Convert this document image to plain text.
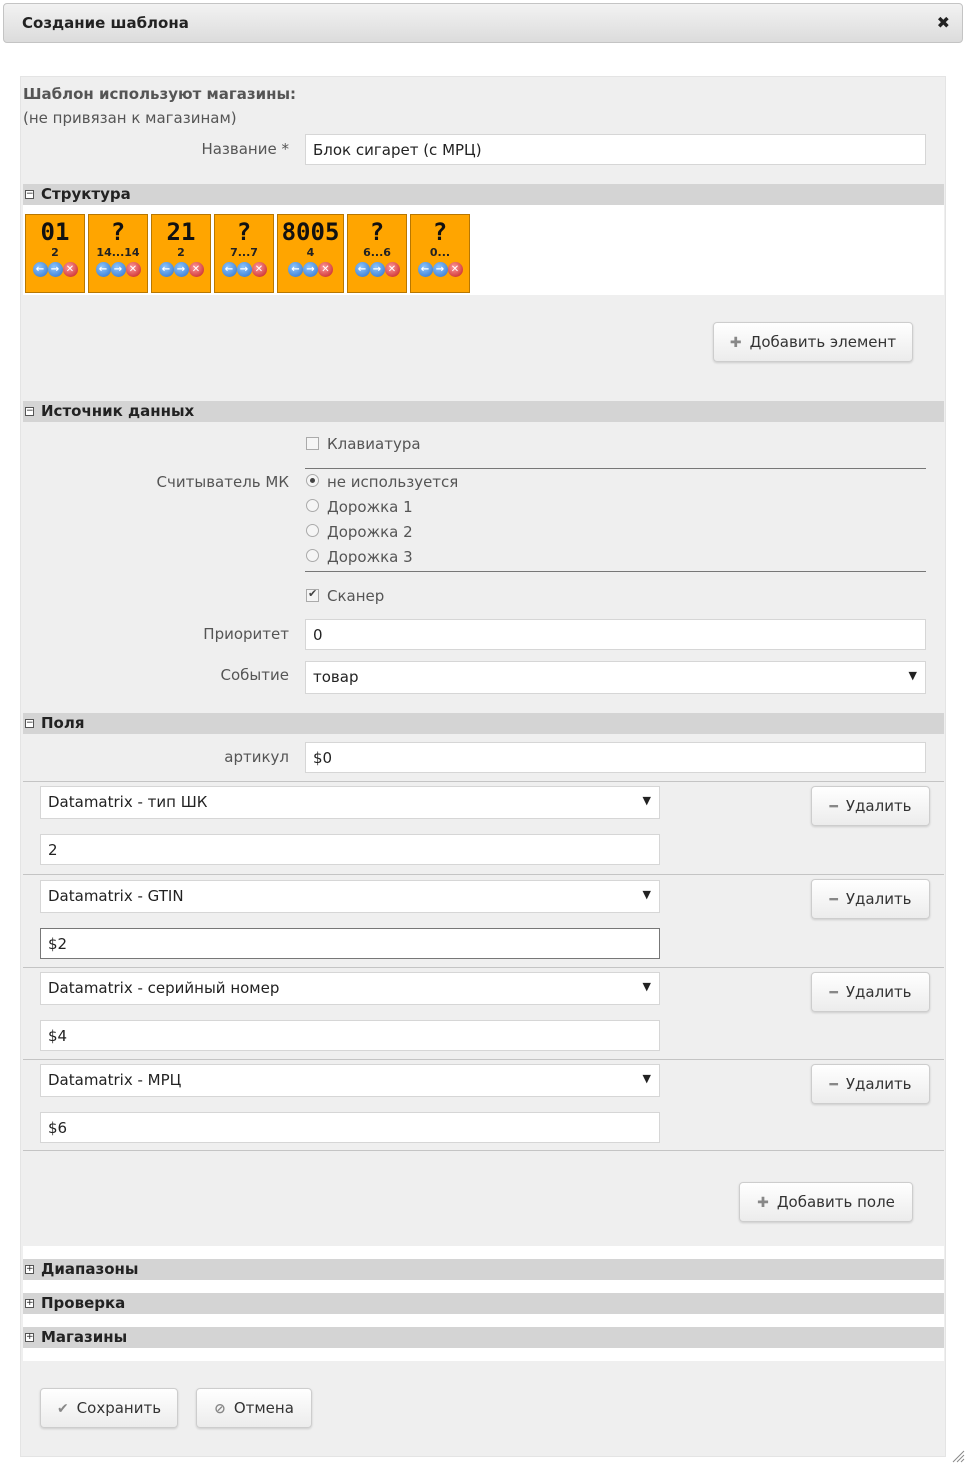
Создание шаблона	✖
Шаблон используют магазины:
(не привязан к магазинам)
Название *	Блок сигарет (с МРЦ)
− Структура
01
2
← → ✕
?
14...14
← → ✕
21
2
← → ✕
?
7...7
← → ✕
8005
4
← → ✕
?
6...6
← → ✕
?
0...
← → ✕
✚ Добавить элемент
− Источник данных
Клавиатура
Считыватель МК	не используется
Дорожка 1
Дорожка 2
Дорожка 3
✔
Сканер
Приоритет	0
Событие	товар ▼
− Поля
артикул	$0
Datamatrix - тип ШК ▼	━ Удалить
2
Datamatrix - GTIN ▼	━ Удалить
$2
Datamatrix - серийный номер ▼	━ Удалить
$4
Datamatrix - МРЦ ▼	━ Удалить
$6
✚ Добавить поле
+ Диапазоны
+ Проверка
+ Магазины
✔ Сохранить	⊘ Отмена
